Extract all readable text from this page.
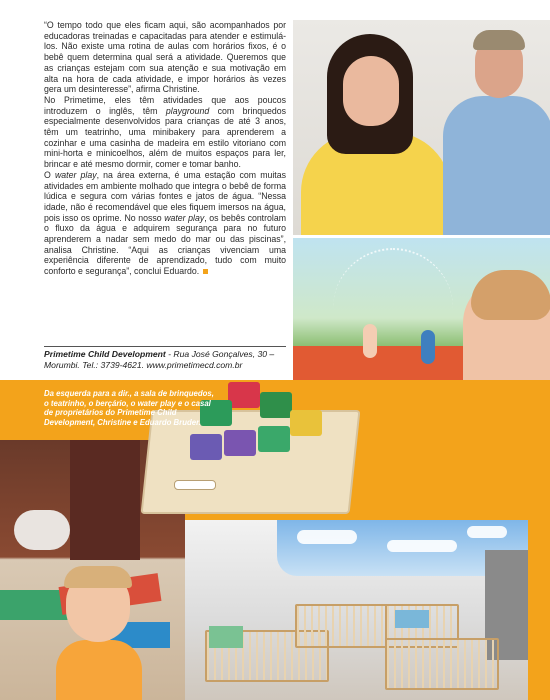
“O tempo todo que eles ficam aqui, são acompanhados por educadoras treinadas e capacitadas para atender e estimulá-los. Não existe uma rotina de aulas com horários fixos, é o bebê quem determina qual será a atividade. Queremos que as crianças estejam com sua atenção e sua motivação em alta na hora de cada atividade, e impor horários às vezes gera um desinteresse”, afirma Christine.

No Primetime, eles têm atividades que aos poucos introduzem o inglês, têm playground com brinquedos especialmente desenvolvidos para crianças de até 3 anos, têm um teatrinho, uma minibakery para aprenderem a cozinhar e uma casinha de madeira em estilo vitoriano com mini-horta e minicoelhos, além de muitos espaços para ler, brincar e até mesmo dormir, comer e tomar banho.

O water play, na área externa, é uma estação com muitas atividades em ambiente molhado que integra o bebê de forma lúdica e segura com várias fontes e jatos de água. “Nessa idade, não é recomendável que eles fiquem imersos na água, pois isso os oprime. No nosso water play, os bebês controlam o fluxo da água e adquirem segurança para no futuro aprenderem a nadar sem medo do mar ou das piscinas”, analisa Christine. “Aqui as crianças vivenciam uma experiência diferente de aprendizado, tudo com muito conforto e segurança”, conclui Eduardo.

Primetime Child Development - Rua José Gonçalves, 30 – Morumbi. Tel.: 3739-4621. www.primetimecd.com.br
Da esquerda para a dir., a sala de brinquedos, o teatrinho, o berçário, o water play e o casal de proprietários do Primetime Child Development, Christine e Eduardo Bruder.
